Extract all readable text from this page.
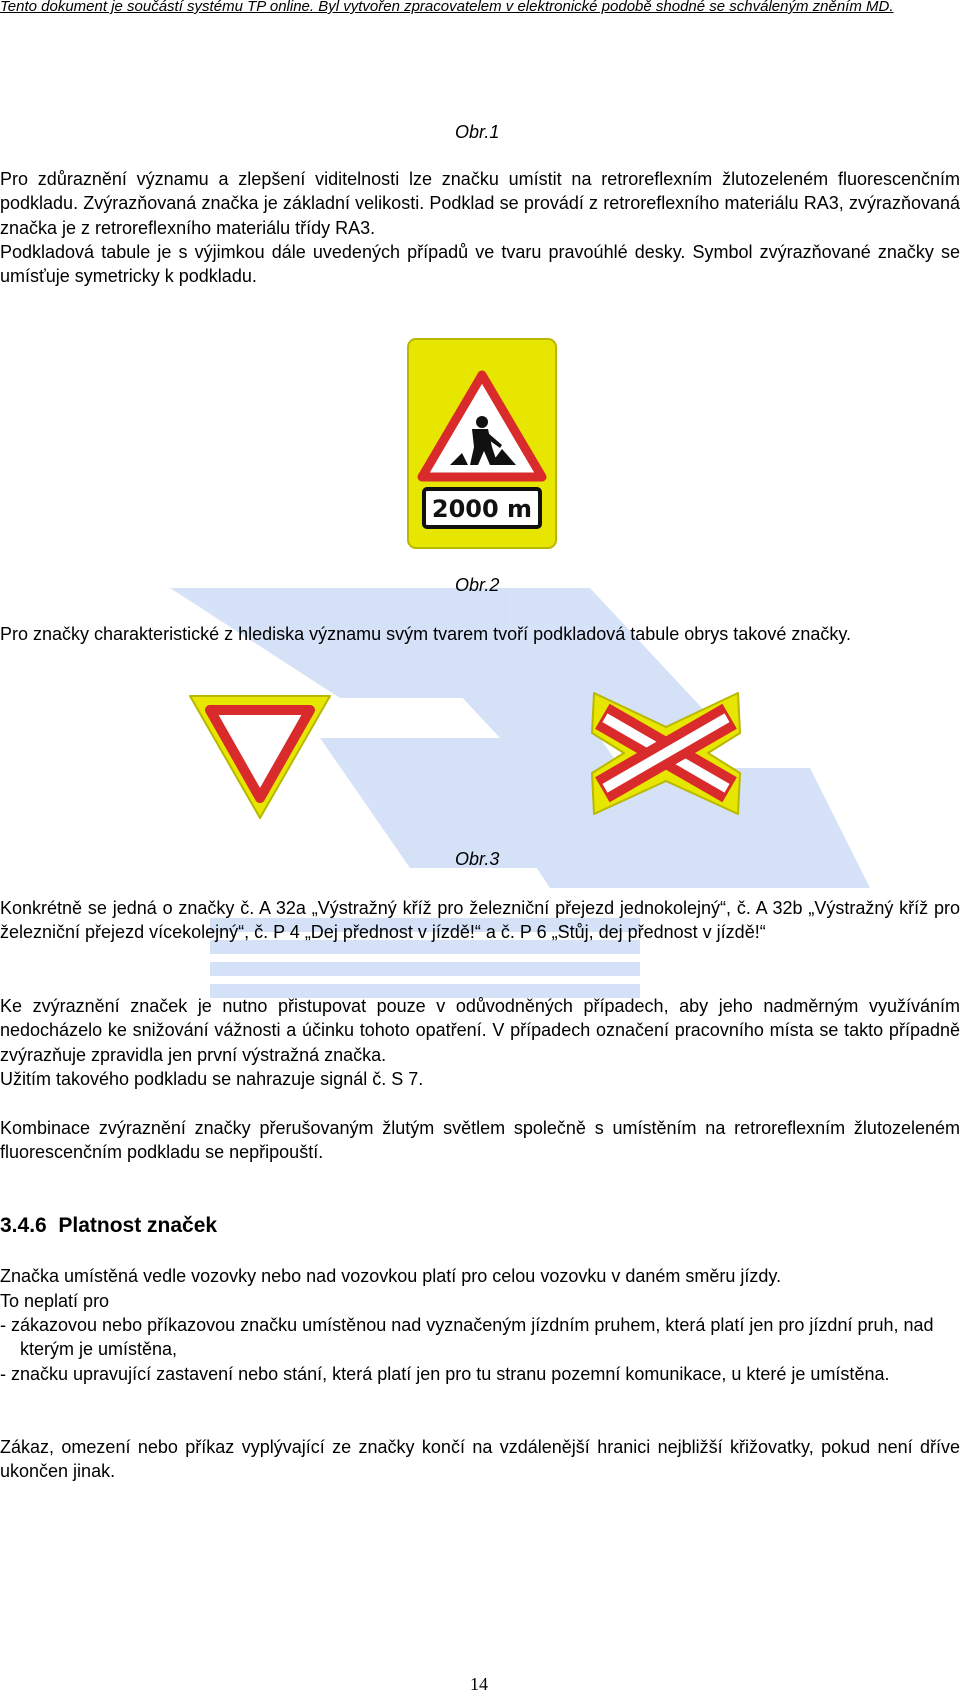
Tento dokument je součástí systému TP online. Byl vytvořen zpracovatelem v elektronické podobě shodné se schváleným zněním MD.
Obr.1
Pro zdůraznění významu a zlepšení viditelnosti lze značku umístit na retroreflexním žlutozeleném fluorescenčním podkladu. Zvýrazňovaná značka je základní velikosti. Podklad se provádí z retroreflexního materiálu RA3, zvýrazňovaná značka je z retroreflexního materiálu třídy RA3.
Podkladová tabule je s výjimkou dále uvedených případů ve tvaru pravoúhlé desky. Symbol zvýrazňované značky se umísťuje symetricky k podkladu.
2000 m
Obr.2
Pro značky charakteristické z hlediska významu svým tvarem tvoří podkladová tabule obrys takové značky.
Obr.3
Konkrétně se jedná o značky č. A 32a „Výstražný kříž pro železniční přejezd jednokolejný“, č. A 32b „Výstražný kříž pro železniční přejezd vícekolejný“, č. P 4 „Dej přednost v jízdě!“ a č. P 6 „Stůj, dej přednost v jízdě!“
Ke zvýraznění značek je nutno přistupovat pouze v odůvodněných případech, aby jeho nadměrným využíváním nedocházelo ke snižování vážnosti a účinku tohoto opatření. V případech označení pracovního místa se takto případně zvýrazňuje zpravidla jen první výstražná značka.
Užitím takového podkladu se nahrazuje signál č. S 7.
Kombinace zvýraznění značky přerušovaným žlutým světlem společně s umístěním na retroreflexním žlutozeleném fluorescenčním podkladu se nepřipouští.
3.4.6  Platnost značek
Značka umístěná vedle vozovky nebo nad vozovkou platí pro celou vozovku v daném směru jízdy.
To neplatí pro
- zákazovou nebo příkazovou značku umístěnou nad vyznačeným jízdním pruhem, která platí jen pro jízdní pruh, nad kterým je umístěna,
- značku upravující zastavení nebo stání, která platí jen pro tu stranu pozemní komunikace, u které je umístěna.
Zákaz, omezení nebo příkaz vyplývající ze značky končí na vzdálenější hranici nejbližší křižovatky, pokud není dříve ukončen jinak.
14
